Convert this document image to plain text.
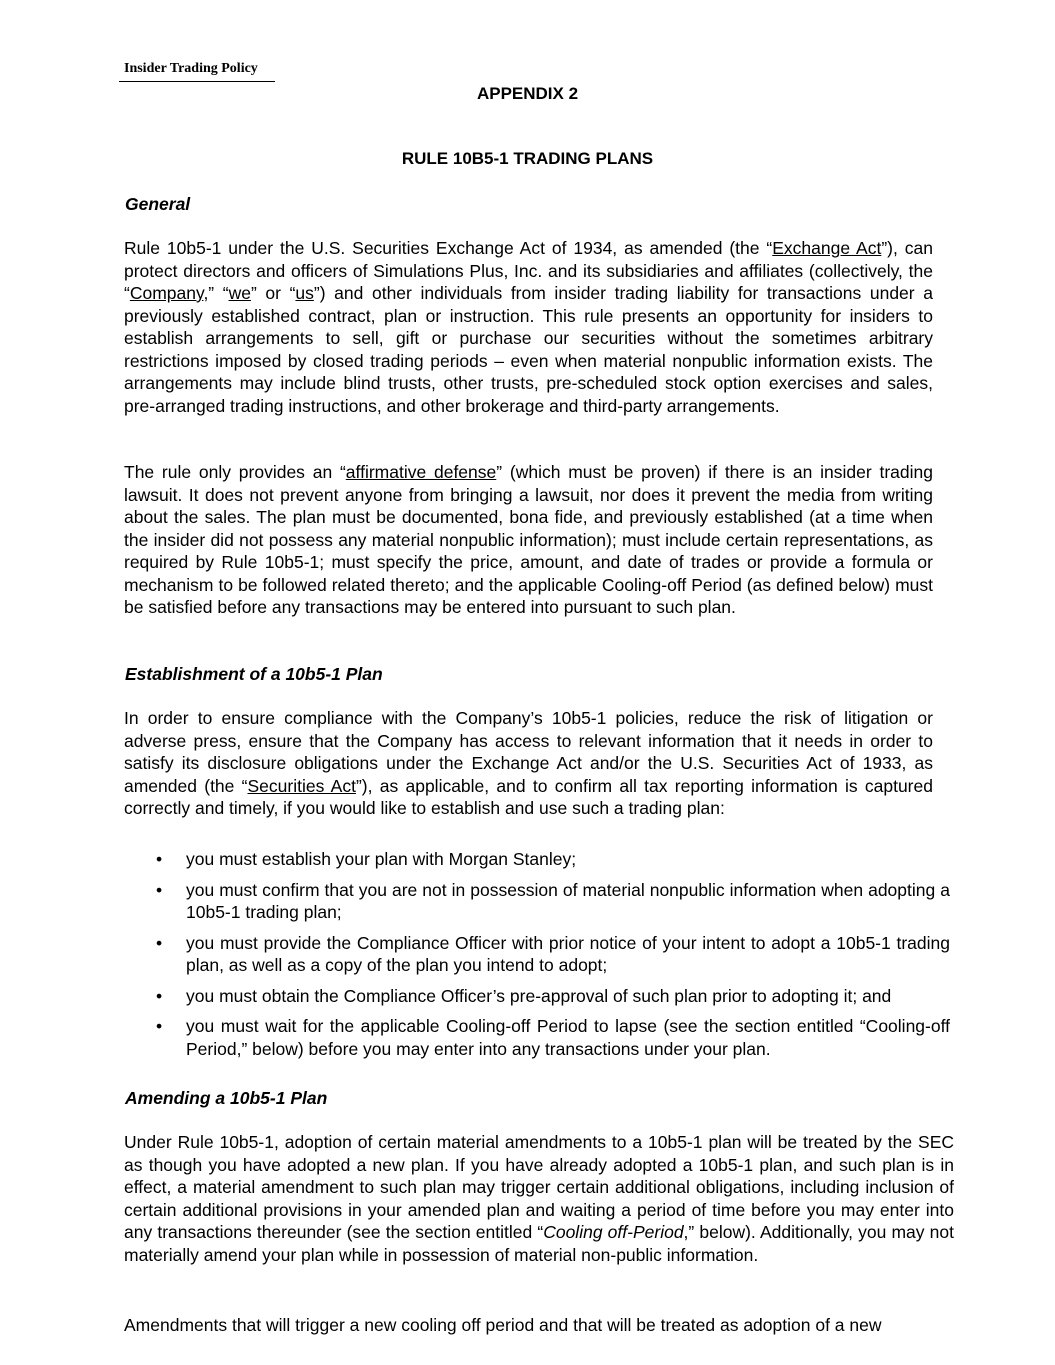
Insider Trading Policy
APPENDIX 2
RULE 10B5-1 TRADING PLANS
General
Rule 10b5-1 under the U.S. Securities Exchange Act of 1934, as amended (the “Exchange Act”), can protect directors and officers of Simulations Plus, Inc. and its subsidiaries and affiliates (collectively, the “Company,” “we” or “us”) and other individuals from insider trading liability for transactions under a previously established contract, plan or instruction. This rule presents an opportunity for insiders to establish arrangements to sell, gift or purchase our securities without the sometimes arbitrary restrictions imposed by closed trading periods – even when material nonpublic information exists. The arrangements may include blind trusts, other trusts, pre-scheduled stock option exercises and sales, pre-arranged trading instructions, and other brokerage and third-party arrangements.
The rule only provides an “affirmative defense” (which must be proven) if there is an insider trading lawsuit. It does not prevent anyone from bringing a lawsuit, nor does it prevent the media from writing about the sales. The plan must be documented, bona fide, and previously established (at a time when the insider did not possess any material nonpublic information); must include certain representations, as required by Rule 10b5-1; must specify the price, amount, and date of trades or provide a formula or mechanism to be followed related thereto; and the applicable Cooling-off Period (as defined below) must be satisfied before any transactions may be entered into pursuant to such plan.
Establishment of a 10b5-1 Plan
In order to ensure compliance with the Company’s 10b5-1 policies, reduce the risk of litigation or adverse press, ensure that the Company has access to relevant information that it needs in order to satisfy its disclosure obligations under the Exchange Act and/or the U.S. Securities Act of 1933, as amended (the “Securities Act”), as applicable, and to confirm all tax reporting information is captured correctly and timely, if you would like to establish and use such a trading plan:
• you must establish your plan with Morgan Stanley;
• you must confirm that you are not in possession of material nonpublic information when adopting a 10b5-1 trading plan;
• you must provide the Compliance Officer with prior notice of your intent to adopt a 10b5-1 trading plan, as well as a copy of the plan you intend to adopt;
• you must obtain the Compliance Officer’s pre-approval of such plan prior to adopting it; and
• you must wait for the applicable Cooling-off Period to lapse (see the section entitled “Cooling-off Period,” below) before you may enter into any transactions under your plan.
Amending a 10b5-1 Plan
Under Rule 10b5-1, adoption of certain material amendments to a 10b5-1 plan will be treated by the SEC as though you have adopted a new plan. If you have already adopted a 10b5-1 plan, and such plan is in effect, a material amendment to such plan may trigger certain additional obligations, including inclusion of certain additional provisions in your amended plan and waiting a period of time before you may enter into any transactions thereunder (see the section entitled “Cooling off-Period,” below). Additionally, you may not materially amend your plan while in possession of material non-public information.
Amendments that will trigger a new cooling off period and that will be treated as adoption of a new
